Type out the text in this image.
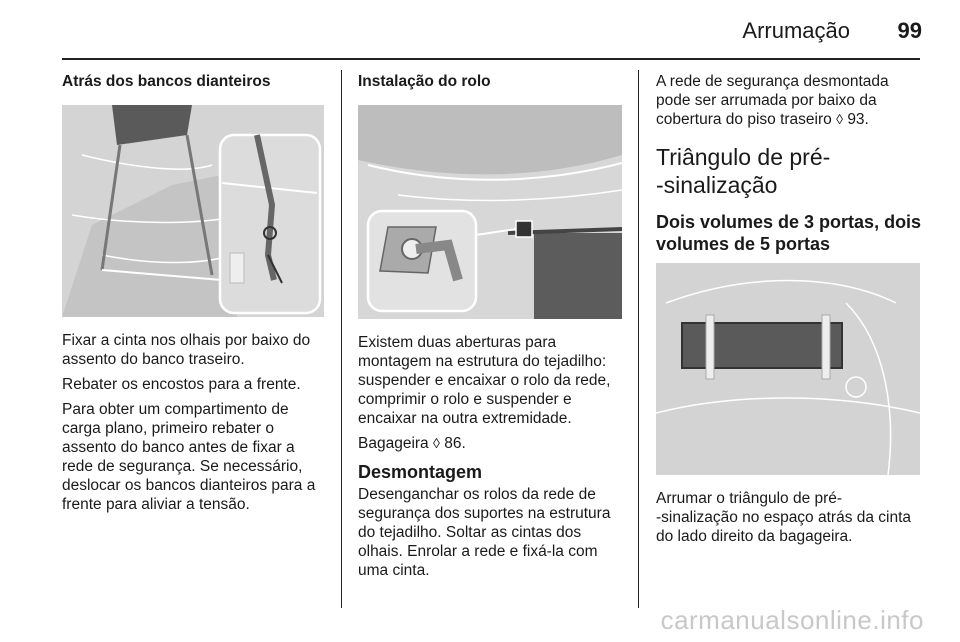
Arrumação 99
Atrás dos bancos dianteiros

Fixar a cinta nos olhais por baixo do assento do banco traseiro.

Rebater os encostos para a frente.

Para obter um compartimento de carga plano, primeiro rebater o assento do banco antes de fixar a rede de segurança. Se necessário, deslocar os bancos dianteiros para a frente para aliviar a tensão.

Instalação do rolo

Existem duas aberturas para montagem na estrutura do tejadilho: suspender e encaixar o rolo da rede, comprimir o rolo e suspender e encaixar na outra extremidade.

Bagageira ◊ 86.

Desmontagem

Desenganchar os rolos da rede de segurança dos suportes na estrutura do tejadilho. Soltar as cintas dos olhais. Enrolar a rede e fixá-la com uma cinta.

A rede de segurança desmontada pode ser arrumada por baixo da cobertura do piso traseiro ◊ 93.

Triângulo de pré-
-sinalização
Dois volumes de 3 portas, dois volumes de 5 portas

Arrumar o triângulo de pré-
-sinalização no espaço atrás da cinta do lado direito da bagageira.

carmanualsonline.info
